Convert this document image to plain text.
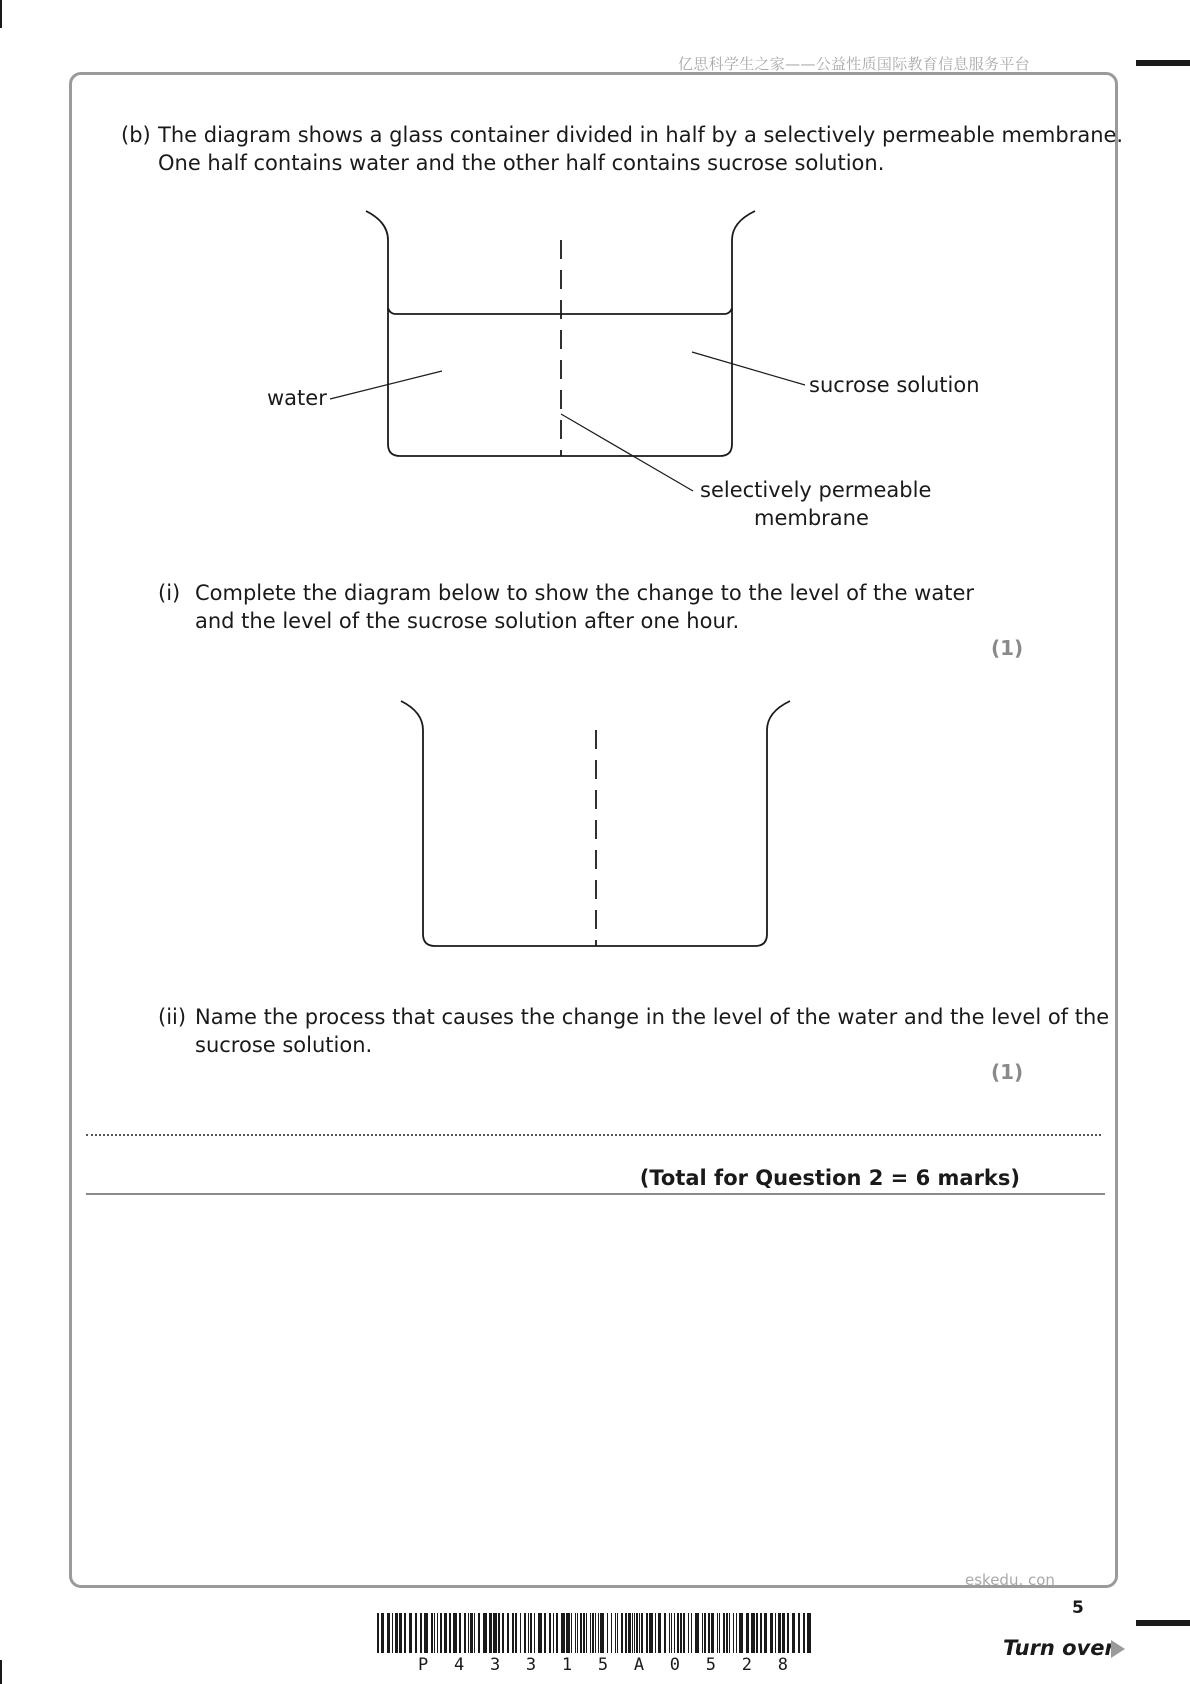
亿思科学生之家——公益性质国际教育信息服务平台
(b) The diagram shows a glass container divided in half by a selectively permeable membrane.
One half contains water and the other half contains sucrose solution.
water
sucrose solution
selectively permeable
membrane
(i) Complete the diagram below to show the change to the level of the water
and the level of the sucrose solution after one hour.
(1)
(ii) Name the process that causes the change in the level of the water and the level of the
sucrose solution.
(1)
(Total for Question 2 = 6 marks)
eskedu. con
P 4 3 3 1 5 A 0 5 2 8
5
Turn over
